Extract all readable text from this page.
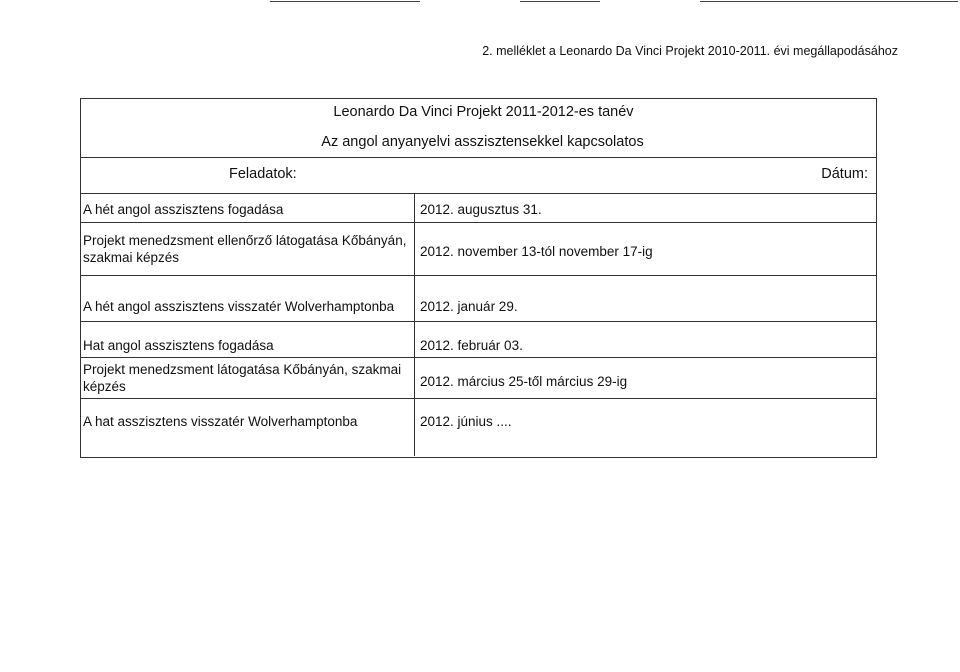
2. melléklet a Leonardo Da Vinci Projekt 2010-2011. évi megállapodásához
Leonardo Da Vinci Projekt 2011-2012-es tanév
Az angol anyanyelvi asszisztensekkel kapcsolatos
Feladatok:	Dátum:
A hét angol asszisztens fogadása	2012. augusztus 31.
Projekt menedzsment ellenőrző látogatása Kőbányán, szakmai képzés	2012. november 13-tól november 17-ig
A hét angol asszisztens visszatér Wolverhamptonba	2012. január 29.
Hat angol asszisztens fogadása	2012. február 03.
Projekt menedzsment látogatása Kőbányán, szakmai képzés	2012. március 25-től március 29-ig
A hat asszisztens visszatér Wolverhamptonba	2012. június ....
